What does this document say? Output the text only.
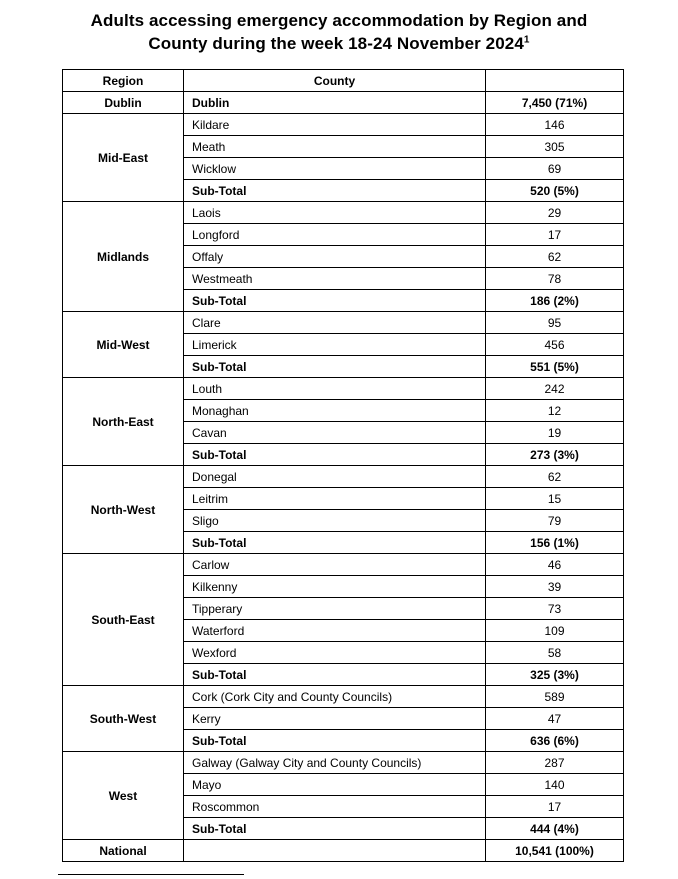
Adults accessing emergency accommodation by Region and
County during the week 18-24 November 2024$^1$
Region	County	
Dublin	Dublin	7,450 (71%)
Mid-East	Kildare	146
	Meath	305
	Wicklow	69
	Sub-Total	520 (5%)
Midlands	Laois	29
	Longford	17
	Offaly	62
	Westmeath	78
	Sub-Total	186 (2%)
Mid-West	Clare	95
	Limerick	456
	Sub-Total	551 (5%)
North-East	Louth	242
	Monaghan	12
	Cavan	19
	Sub-Total	273 (3%)
North-West	Donegal	62
	Leitrim	15
	Sligo	79
	Sub-Total	156 (1%)
South-East	Carlow	46
	Kilkenny	39
	Tipperary	73
	Waterford	109
	Wexford	58
	Sub-Total	325 (3%)
South-West	Cork (Cork City and County Councils)	589
	Kerry	47
	Sub-Total	636 (6%)
West	Galway (Galway City and County Councils)	287
	Mayo	140
	Roscommon	17
	Sub-Total	444 (4%)
National		10,541 (100%)
